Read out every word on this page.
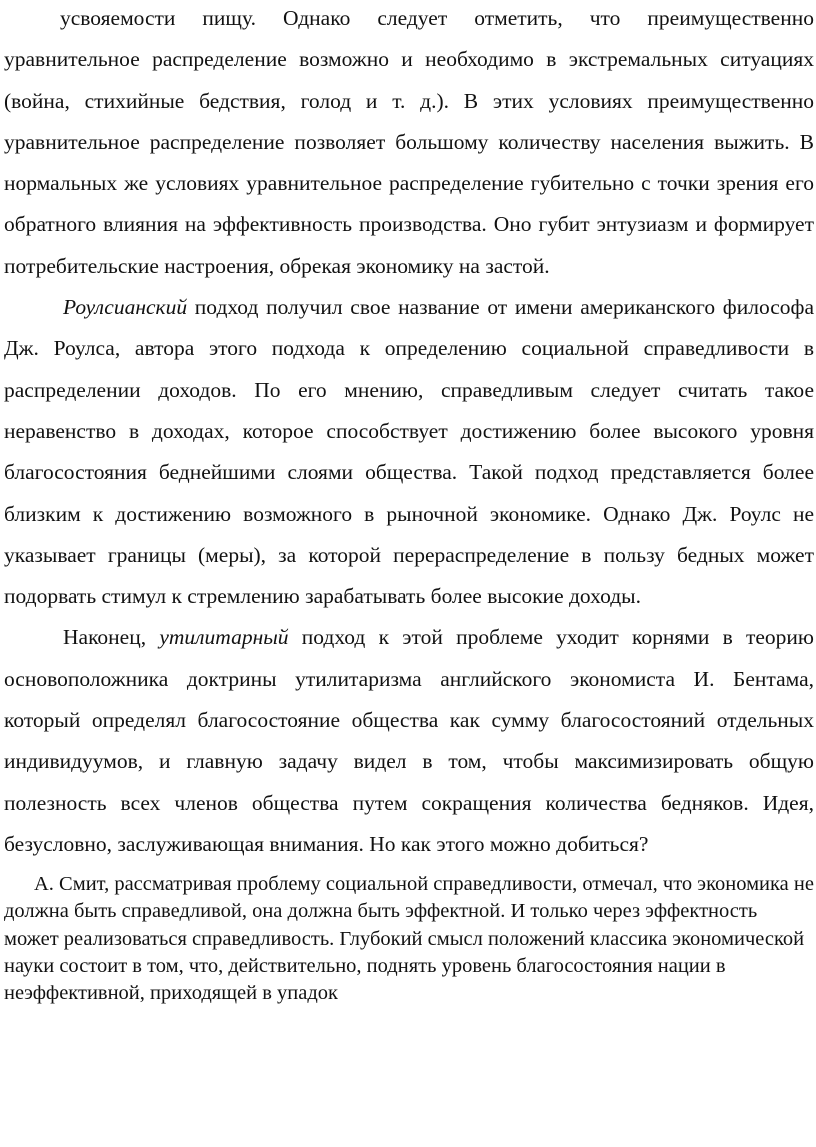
усвояемости пищу. Однако следует отметить, что преимущественно уравнительное распределение возможно и необходимо в экстремальных ситуациях (война, стихийные бедствия, голод и т. д.). В этих условиях преимущественно уравнительное распределение позволяет большому количеству населения выжить. В нормальных же условиях уравнительное распределение губительно с точки зрения его обратного влияния на эффективность производства. Оно губит энтузиазм и формирует потребительские настроения, обрекая экономику на застой.

Роулсианский подход получил свое название от имени американского философа Дж. Роулса, автора этого подхода к определению социальной справедливости в распределении доходов. По его мнению, справедливым следует считать такое неравенство в доходах, которое способствует достижению более высокого уровня благосостояния беднейшими слоями общества. Такой подход представляется более близким к достижению возможного в рыночной экономике. Однако Дж. Роулс не указывает границы (меры), за которой перераспределение в пользу бедных может подорвать стимул к стремлению зарабатывать более высокие доходы.

Наконец, утилитарный подход к этой проблеме уходит корнями в теорию основоположника доктрины утилитаризма английского экономиста И. Бентама, который определял благосостояние общества как сумму благосостояний отдельных индивидуумов, и главную задачу видел в том, чтобы максимизировать общую полезность всех членов общества путем сокращения количества бедняков. Идея, безусловно, заслуживающая внимания. Но как этого можно добиться?

А. Смит, рассматривая проблему социальной справедливости, отмечал, что экономика не должна быть справедливой, она должна быть эффектной. И только через эффектность может реализоваться справедливость. Глубокий смысл положений классика экономической науки состоит в том, что, действительно, поднять уровень благосостояния нации в неэффективной, приходящей в упадок
